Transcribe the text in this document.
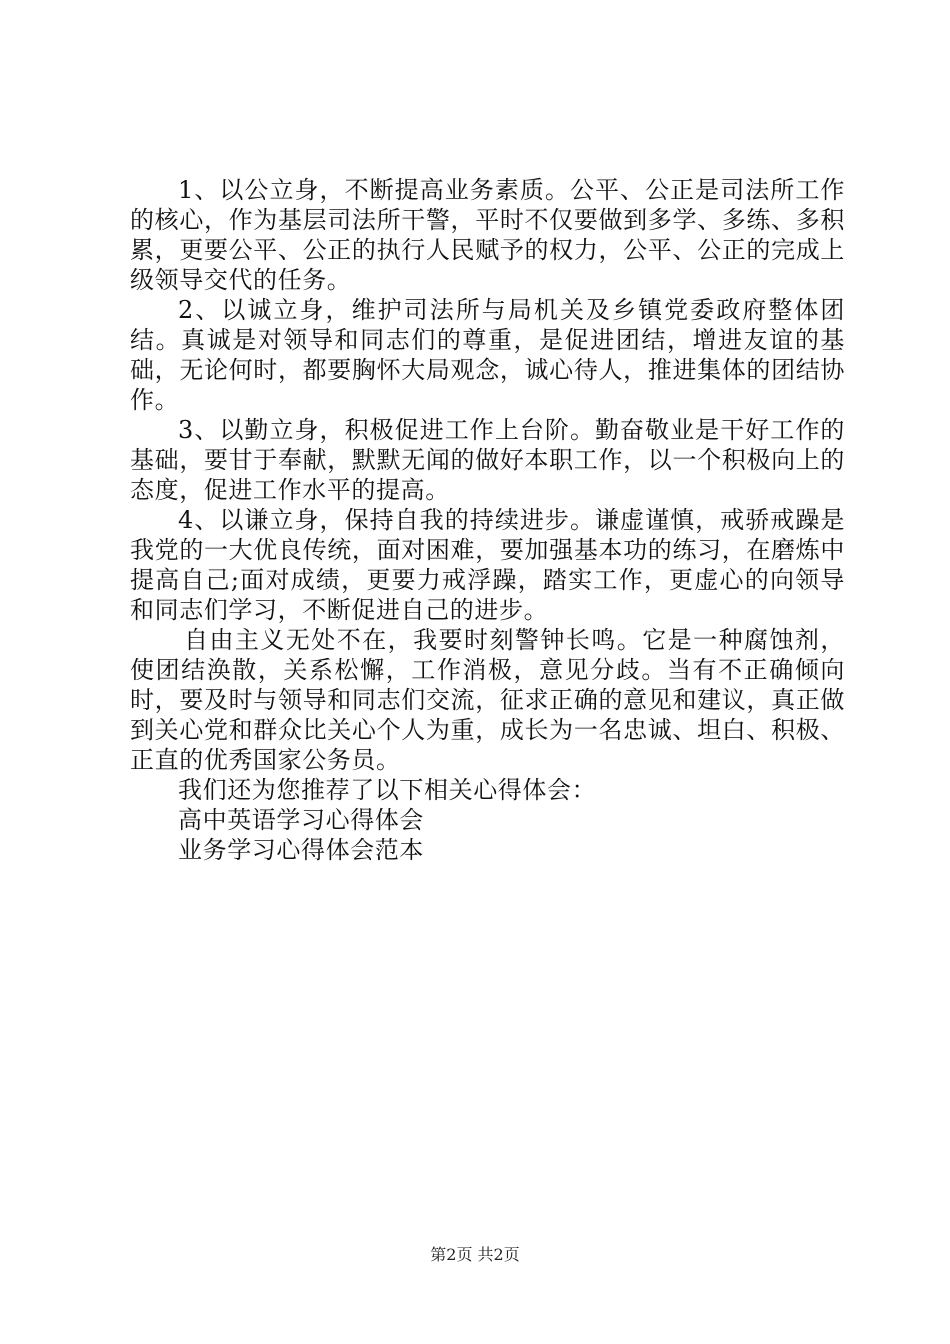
1、以公立身，不断提高业务素质。公平、公正是司法所工作的核心，作为基层司法所干警，平时不仅要做到多学、多练、多积累，更要公平、公正的执行人民赋予的权力，公平、公正的完成上级领导交代的任务。

2、以诚立身，维护司法所与局机关及乡镇党委政府整体团结。真诚是对领导和同志们的尊重，是促进团结，增进友谊的基础，无论何时，都要胸怀大局观念，诚心待人，推进集体的团结协作。

3、以勤立身，积极促进工作上台阶。勤奋敬业是干好工作的基础，要甘于奉献，默默无闻的做好本职工作，以一个积极向上的态度，促进工作水平的提高。

4、以谦立身，保持自我的持续进步。谦虚谨慎，戒骄戒躁是我党的一大优良传统，面对困难，要加强基本功的练习，在磨炼中提高自己;面对成绩，更要力戒浮躁，踏实工作，更虚心的向领导和同志们学习，不断促进自己的进步。

自由主义无处不在，我要时刻警钟长鸣。它是一种腐蚀剂，使团结涣散，关系松懈，工作消极，意见分歧。当有不正确倾向时，要及时与领导和同志们交流，征求正确的意见和建议，真正做到关心党和群众比关心个人为重，成长为一名忠诚、坦白、积极、正直的优秀国家公务员。

我们还为您推荐了以下相关心得体会：

高中英语学习心得体会

业务学习心得体会范本

第2页 共2页
